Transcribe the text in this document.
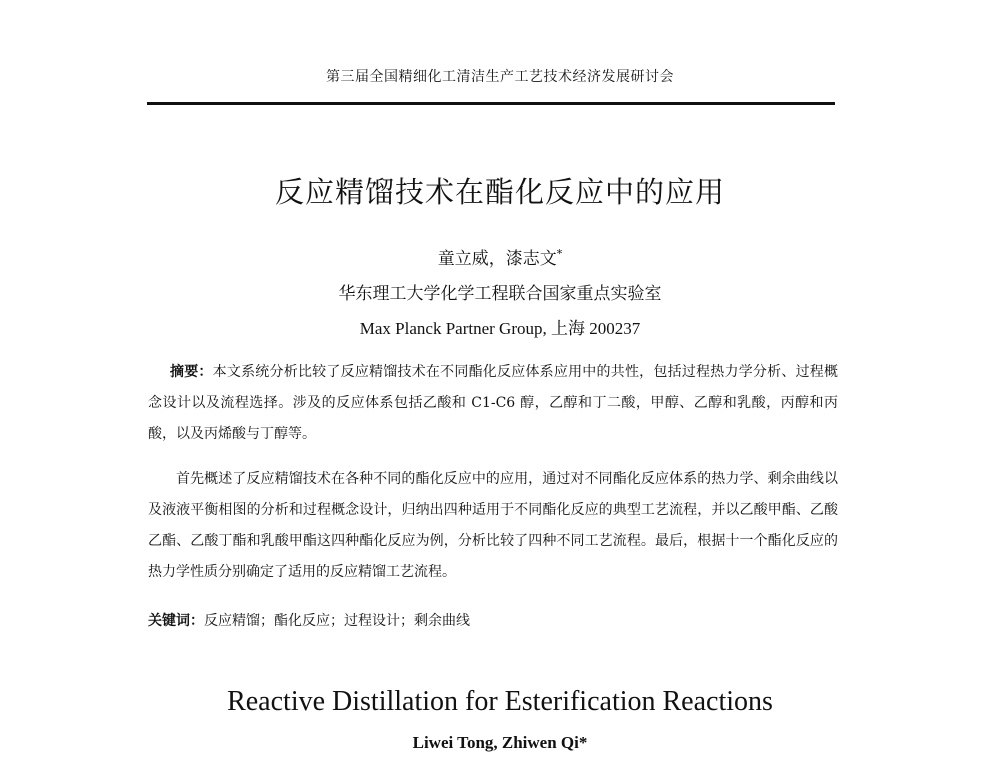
第三届全国精细化工清洁生产工艺技术经济发展研讨会
反应精馏技术在酯化反应中的应用
童立威，漆志文*
华东理工大学化学工程联合国家重点实验室
Max Planck Partner Group, 上海 200237
摘要：本文系统分析比较了反应精馏技术在不同酯化反应体系应用中的共性，包括过程热力学分析、过程概念设计以及流程选择。涉及的反应体系包括乙酸和 C1-C6 醇，乙醇和丁二酸，甲醇、乙醇和乳酸，丙醇和丙酸，以及丙烯酸与丁醇等。
首先概述了反应精馏技术在各种不同的酯化反应中的应用，通过对不同酯化反应体系的热力学、剩余曲线以及液液平衡相图的分析和过程概念设计，归纳出四种适用于不同酯化反应的典型工艺流程，并以乙酸甲酯、乙酸乙酯、乙酸丁酯和乳酸甲酯这四种酯化反应为例，分析比较了四种不同工艺流程。最后，根据十一个酯化反应的热力学性质分别确定了适用的反应精馏工艺流程。
关键词：反应精馏；酯化反应；过程设计；剩余曲线
Reactive Distillation for Esterification Reactions
Liwei Tong, Zhiwen Qi*
